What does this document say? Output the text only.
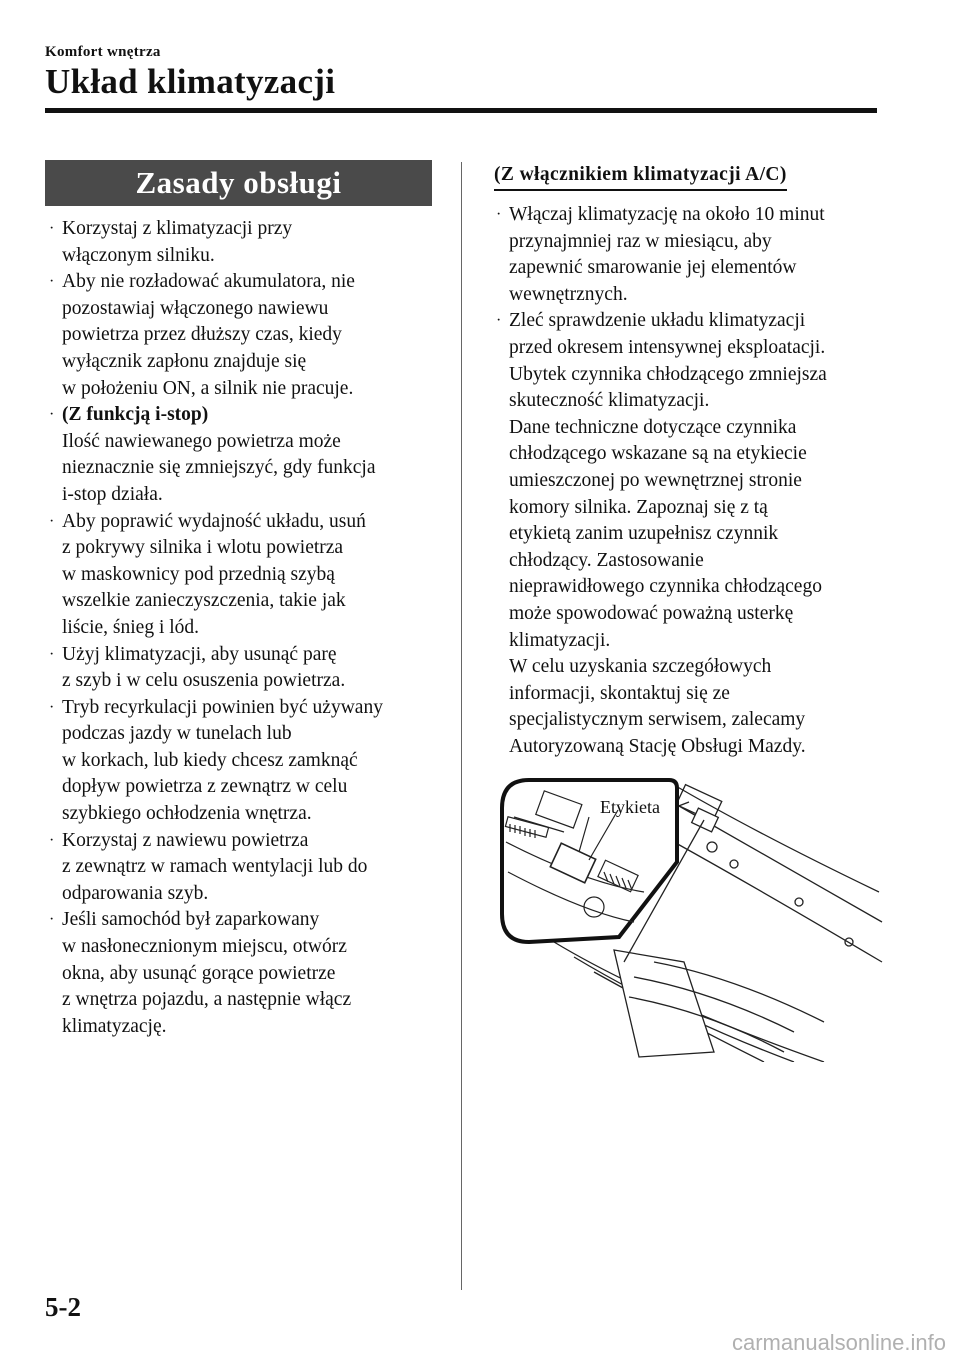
Komfort wnętrza
Układ klimatyzacji
Zasady obsługi
· Korzystaj z klimatyzacji przy

włączonym silniku.

· Aby nie rozładować akumulatora, nie

pozostawiaj włączonego nawiewu

powietrza przez dłuższy czas, kiedy

wyłącznik zapłonu znajduje się

w położeniu ON, a silnik nie pracuje.

· (Z funkcją i-stop)

Ilość nawiewanego powietrza może

nieznacznie się zmniejszyć, gdy funkcja

i-stop działa.

· Aby poprawić wydajność układu, usuń

z pokrywy silnika i wlotu powietrza

w maskownicy pod przednią szybą

wszelkie zanieczyszczenia, takie jak

liście, śnieg i lód.

· Użyj klimatyzacji, aby usunąć parę

z szyb i w celu osuszenia powietrza.

· Tryb recyrkulacji powinien być używany

podczas jazdy w tunelach lub

w korkach, lub kiedy chcesz zamknąć

dopływ powietrza z zewnątrz w celu

szybkiego ochłodzenia wnętrza.

· Korzystaj z nawiewu powietrza

z zewnątrz w ramach wentylacji lub do

odparowania szyb.

· Jeśli samochód był zaparkowany

w nasłonecznionym miejscu, otwórz

okna, aby usunąć gorące powietrze

z wnętrza pojazdu, a następnie włącz

klimatyzację.

(Z włącznikiem klimatyzacji A/C)
· Włączaj klimatyzację na około 10 minut

przynajmniej raz w miesiącu, aby

zapewnić smarowanie jej elementów

wewnętrznych.

· Zleć sprawdzenie układu klimatyzacji

przed okresem intensywnej eksploatacji.

Ubytek czynnika chłodzącego zmniejsza

skuteczność klimatyzacji.

Dane techniczne dotyczące czynnika

chłodzącego wskazane są na etykiecie

umieszczonej po wewnętrznej stronie

komory silnika. Zapoznaj się z tą

etykietą zanim uzupełnisz czynnik

chłodzący. Zastosowanie

nieprawidłowego czynnika chłodzącego

może spowodować poważną usterkę

klimatyzacji.

W celu uzyskania szczegółowych

informacji, skontaktuj się ze

specjalistycznym serwisem, zalecamy

Autoryzowaną Stację Obsługi Mazdy.

Etykieta
5-2
carmanualsonline.info
